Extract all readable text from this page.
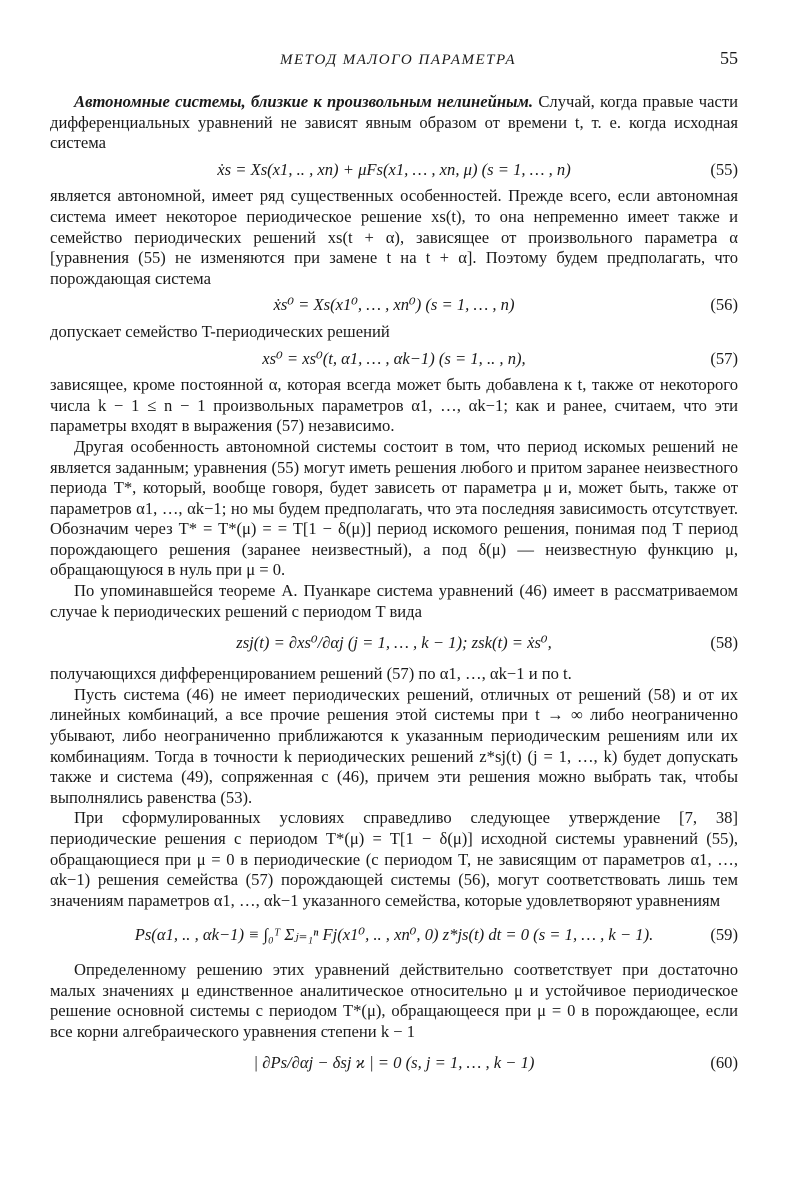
МЕТОД МАЛОГО ПАРАМЕТРА	55

Автономные системы, близкие к произвольным нелинейным. Случай, когда правые части дифференциальных уравнений не зависят явным образом от времени t, т. е. когда исходная система

ẋs = Xs(x1, .. , xn) + μFs(x1, … , xn, μ) (s = 1, … , n)	(55)

является автономной, имеет ряд существенных особенностей. Прежде всего, если автономная система имеет некоторое периодическое решение xs(t), то она непременно имеет также и семейство периодических решений xs(t + α), зависящее от произвольного параметра α [уравнения (55) не изменяются при замене t на t + α]. Поэтому будем предполагать, что порождающая система

ẋs⁰ = Xs(x1⁰, … , xn⁰) (s = 1, … , n)	(56)

допускает семейство T-периодических решений

xs⁰ = xs⁰(t, α1, … , αk−1) (s = 1, .. , n),	(57)

зависящее, кроме постоянной α, которая всегда может быть добавлена к t, также от некоторого числа k − 1 ≤ n − 1 произвольных параметров α1, …, αk−1; как и ранее, считаем, что эти параметры входят в выражения (57) независимо.

Другая особенность автономной системы состоит в том, что период искомых решений не является заданным; уравнения (55) могут иметь решения любого и притом заранее неизвестного периода T*, который, вообще говоря, будет зависеть от параметра μ и, может быть, также от параметров α1, …, αk−1; но мы будем предполагать, что эта последняя зависимость отсутствует. Обозначим через T* = T*(μ) = = T[1 − δ(μ)] период искомого решения, понимая под T период порождающего решения (заранее неизвестный), а под δ(μ) — неизвестную функцию μ, обращающуюся в нуль при μ = 0.

По упоминавшейся теореме А. Пуанкаре система уравнений (46) имеет в рассматриваемом случае k периодических решений с периодом T вида

zsj(t) = ∂xs⁰/∂αj (j = 1, … , k − 1); zsk(t) = ẋs⁰,	(58)

получающихся дифференцированием решений (57) по α1, …, αk−1 и по t.

Пусть система (46) не имеет периодических решений, отличных от решений (58) и от их линейных комбинаций, а все прочие решения этой системы при t → ∞ либо неограниченно убывают, либо неограниченно приближаются к указанным периодическим решениям или их комбинациям. Тогда в точности k периодических решений z*sj(t) (j = 1, …, k) будет допускать также и система (49), сопряженная с (46), причем эти решения можно выбрать так, чтобы выполнялись равенства (53).

При сформулированных условиях справедливо следующее утверждение [7, 38] периодические решения с периодом T*(μ) = T[1 − δ(μ)] исходной системы уравнений (55), обращающиеся при μ = 0 в периодические (с периодом T, не зависящим от параметров α1, …, αk−1) решения семейства (57) порождающей системы (56), могут соответствовать лишь тем значениям параметров α1, …, αk−1 указанного семейства, которые удовлетворяют уравнениям

Ps(α1, .. , αk−1) ≡ ∫₀ᵀ Σⱼ₌₁ⁿ Fj(x1⁰, .. , xn⁰, 0) z*js(t) dt = 0 (s = 1, … , k − 1).	(59)

Определенному решению этих уравнений действительно соответствует при достаточно малых значениях μ единственное аналитическое относительно μ и устойчивое периодическое решение основной системы с периодом T*(μ), обращающееся при μ = 0 в порождающее, если все корни алгебраического уравнения степени k − 1

| ∂Ps/∂αj − δsj ϰ | = 0 (s, j = 1, … , k − 1)	(60)
